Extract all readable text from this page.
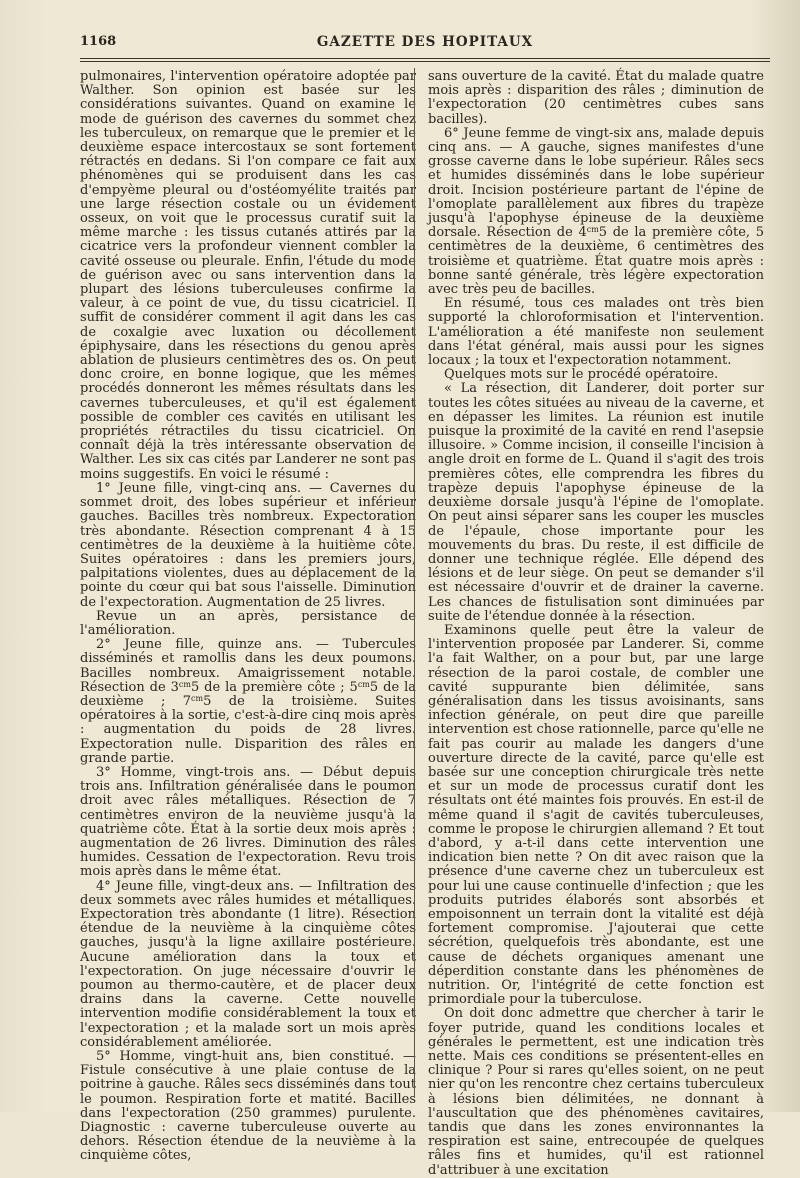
1168	GAZETTE DES HOPITAUX

pulmonaires, l'intervention opératoire adoptée par Walther. Son opinion est basée sur les considérations suivantes. Quand on examine le mode de guérison des cavernes du sommet chez les tuberculeux, on remarque que le premier et le deuxième espace intercostaux se sont fortement rétractés en dedans. Si l'on compare ce fait aux phénomènes qui se produisent dans les cas d'empyème pleural ou d'ostéomyélite traités par une large résection costale ou un évidement osseux, on voit que le processus curatif suit la même marche : les tissus cutanés attirés par la cicatrice vers la profondeur viennent combler la cavité osseuse ou pleurale. Enfin, l'étude du mode de guérison avec ou sans intervention dans la plupart des lésions tuberculeuses confirme la valeur, à ce point de vue, du tissu cicatriciel. Il suffit de considérer comment il agit dans les cas de coxalgie avec luxation ou décollement épiphysaire, dans les résections du genou après ablation de plusieurs centimètres des os. On peut donc croire, en bonne logique, que les mêmes procédés donneront les mêmes résultats dans les cavernes tuberculeuses, et qu'il est également possible de combler ces cavités en utilisant les propriétés rétractiles du tissu cicatriciel. On connaît déjà la très intéressante observation de Walther. Les six cas cités par Landerer ne sont pas moins suggestifs. En voici le résumé :

1° Jeune fille, vingt-cinq ans. — Cavernes du sommet droit, des lobes supérieur et inférieur gauches. Bacilles très nombreux. Expectoration très abondante. Résection comprenant 4 à 15 centimètres de la deuxième à la huitième côte. Suites opératoires : dans les premiers jours, palpitations violentes, dues au déplacement de la pointe du cœur qui bat sous l'aisselle. Diminution de l'expectoration. Augmentation de 25 livres.

Revue un an après, persistance de l'amélioration.

2° Jeune fille, quinze ans. — Tubercules disséminés et ramollis dans les deux poumons. Bacilles nombreux. Amaigrissement notable. Résection de $3^{cm}5$ de la première côte ; $5^{cm}5$ de la deuxième ; $7^{cm}5$ de la troisième. Suites opératoires à la sortie, c'est-à-dire cinq mois après : augmentation du poids de 28 livres. Expectoration nulle. Disparition des râles en grande partie.

3° Homme, vingt-trois ans. — Début depuis trois ans. Infiltration généralisée dans le poumon droit avec râles métalliques. Résection de 7 centimètres environ de la neuvième jusqu'à la quatrième côte. État à la sortie deux mois après : augmentation de 26 livres. Diminution des râles humides. Cessation de l'expectoration. Revu trois mois après dans le même état.

4° Jeune fille, vingt-deux ans. — Infiltration des deux sommets avec râles humides et métalliques. Expectoration très abondante (1 litre). Résection étendue de la neuvième à la cinquième côtes gauches, jusqu'à la ligne axillaire postérieure. Aucune amélioration dans la toux et l'expectoration. On juge nécessaire d'ouvrir le poumon au thermo-cautère, et de placer deux drains dans la caverne. Cette nouvelle intervention modifie considérablement la toux et l'expectoration ; et la malade sort un mois après considérablement améliorée.

5° Homme, vingt-huit ans, bien constitué. — Fistule consécutive à une plaie contuse de la poitrine à gauche. Râles secs disséminés dans tout le poumon. Respiration forte et matité. Bacilles dans l'expectoration (250 grammes) purulente. Diagnostic : caverne tuberculeuse ouverte au dehors. Résection étendue de la neuvième à la cinquième côtes,

sans ouverture de la cavité. État du malade quatre mois après : disparition des râles ; diminution de l'expectoration (20 centimètres cubes sans bacilles).

6° Jeune femme de vingt-six ans, malade depuis cinq ans. — A gauche, signes manifestes d'une grosse caverne dans le lobe supérieur. Râles secs et humides disséminés dans le lobe supérieur droit. Incision postérieure partant de l'épine de l'omoplate parallèlement aux fibres du trapèze jusqu'à l'apophyse épineuse de la deuxième dorsale. Résection de $4^{cm}5$ de la première côte, 5 centimètres de la deuxième, 6 centimètres des troisième et quatrième. État quatre mois après : bonne santé générale, très légère expectoration avec très peu de bacilles.

En résumé, tous ces malades ont très bien supporté la chloroformisation et l'intervention. L'amélioration a été manifeste non seulement dans l'état général, mais aussi pour les signes locaux ; la toux et l'expectoration notamment.

Quelques mots sur le procédé opératoire.

« La résection, dit Landerer, doit porter sur toutes les côtes situées au niveau de la caverne, et en dépasser les limites. La réunion est inutile puisque la proximité de la cavité en rend l'asepsie illusoire. » Comme incision, il conseille l'incision à angle droit en forme de L. Quand il s'agit des trois premières côtes, elle comprendra les fibres du trapèze depuis l'apophyse épineuse de la deuxième dorsale jusqu'à l'épine de l'omoplate. On peut ainsi séparer sans les couper les muscles de l'épaule, chose importante pour les mouvements du bras. Du reste, il est difficile de donner une technique réglée. Elle dépend des lésions et de leur siège. On peut se demander s'il est nécessaire d'ouvrir et de drainer la caverne. Les chances de fistulisation sont diminuées par suite de l'étendue donnée à la résection.

Examinons quelle peut être la valeur de l'intervention proposée par Landerer. Si, comme l'a fait Walther, on a pour but, par une large résection de la paroi costale, de combler une cavité suppurante bien délimitée, sans généralisation dans les tissus avoisinants, sans infection générale, on peut dire que pareille intervention est chose rationnelle, parce qu'elle ne fait pas courir au malade les dangers d'une ouverture directe de la cavité, parce qu'elle est basée sur une conception chirurgicale très nette et sur un mode de processus curatif dont les résultats ont été maintes fois prouvés. En est-il de même quand il s'agit de cavités tuberculeuses, comme le propose le chirurgien allemand ? Et tout d'abord, y a-t-il dans cette intervention une indication bien nette ? On dit avec raison que la présence d'une caverne chez un tuberculeux est pour lui une cause continuelle d'infection ; que les produits putrides élaborés sont absorbés et empoisonnent un terrain dont la vitalité est déjà fortement compromise. J'ajouterai que cette sécrétion, quelquefois très abondante, est une cause de déchets organiques amenant une déperdition constante dans les phénomènes de nutrition. Or, l'intégrité de cette fonction est primordiale pour la tuberculose.

On doit donc admettre que chercher à tarir le foyer putride, quand les conditions locales et générales le permettent, est une indication très nette. Mais ces conditions se présentent-elles en clinique ? Pour si rares qu'elles soient, on ne peut nier qu'on les rencontre chez certains tuberculeux à lésions bien délimitées, ne donnant à l'auscultation que des phénomènes cavitaires, tandis que dans les zones environnantes la respiration est saine, entrecoupée de quelques râles fins et humides, qu'il est rationnel d'attribuer à une excitation
